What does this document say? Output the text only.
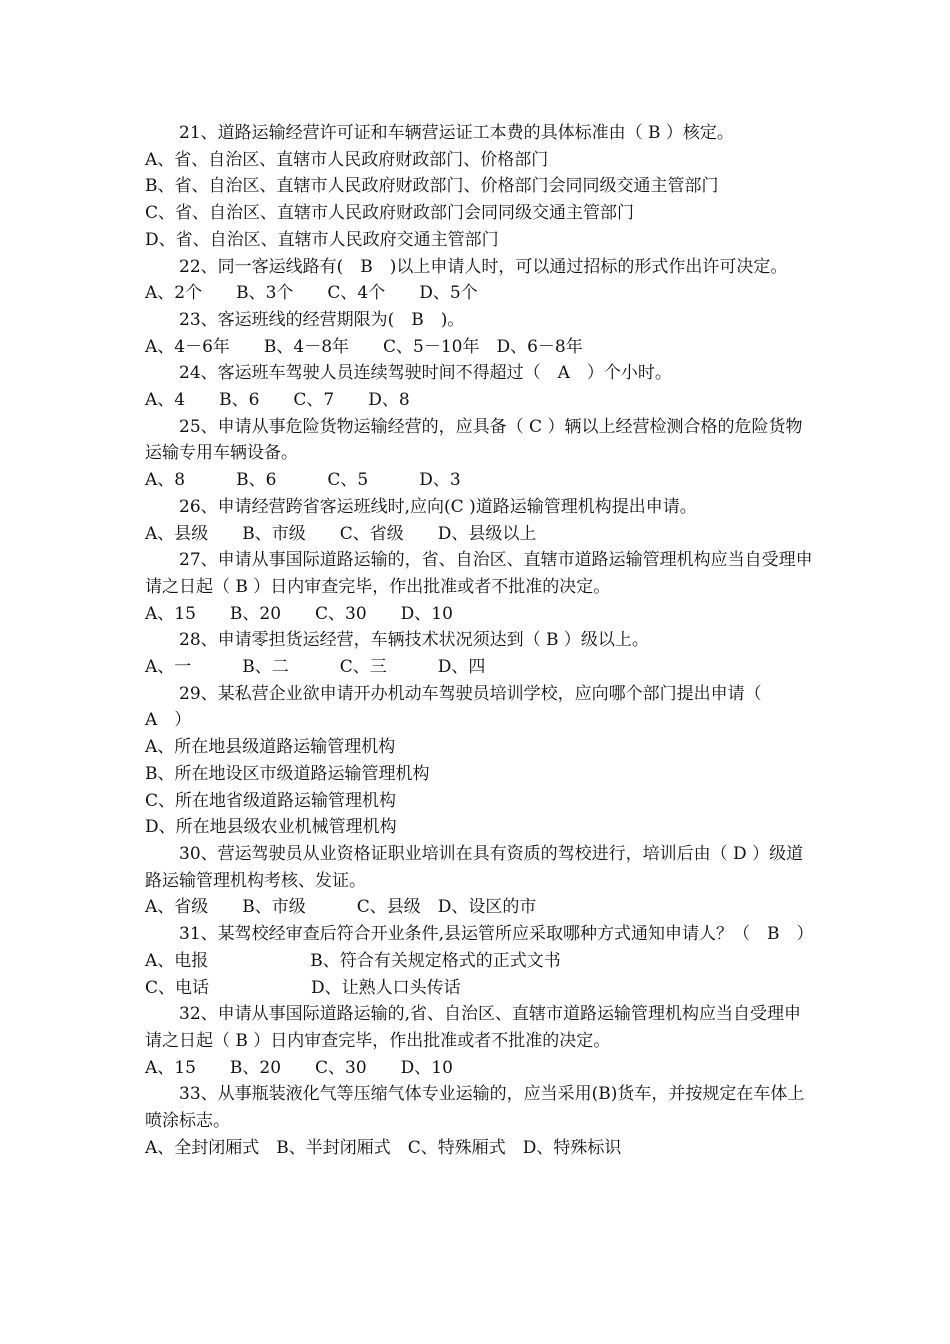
21、道路运输经营许可证和车辆营运证工本费的具体标准由（ B ）核定。

A、省、自治区、直辖市人民政府财政部门、价格部门

B、省、自治区、直辖市人民政府财政部门、价格部门会同同级交通主管部门

C、省、自治区、直辖市人民政府财政部门会同同级交通主管部门

D、省、自治区、直辖市人民政府交通主管部门

22、同一客运线路有(　B　)以上申请人时，可以通过招标的形式作出许可决定。

A、2个　　B、3个　　C、4个　　D、5个

23、客运班线的经营期限为(　B　)。

A、4－6年　　B、4－8年　　C、5－10年　D、6－8年

24、客运班车驾驶人员连续驾驶时间不得超过（　A　）个小时。

A、4　　B、6　　C、7　　D、8

25、申请从事危险货物运输经营的，应具备（ C ）辆以上经营检测合格的危险货物运输专用车辆设备。

A、8　　　B、6　　　C、5　　　D、3

26、申请经营跨省客运班线时,应向(C )道路运输管理机构提出申请。

A、县级　　B、市级　　C、省级　　D、县级以上

27、申请从事国际道路运输的，省、自治区、直辖市道路运输管理机构应当自受理申请之日起（ B ）日内审查完毕，作出批准或者不批准的决定。

A、15　　B、20　　C、30　　D、10

28、申请零担货运经营，车辆技术状况须达到（ B ）级以上。

A、一　　　B、二　　　C、三　　　D、四

29、某私营企业欲申请开办机动车驾驶员培训学校，应向哪个部门提出申请（　A　）

A、所在地县级道路运输管理机构

B、所在地设区市级道路运输管理机构

C、所在地省级道路运输管理机构

D、所在地县级农业机械管理机构

30、营运驾驶员从业资格证职业培训在具有资质的驾校进行，培训后由（ D ）级道路运输管理机构考核、发证。

A、省级　　B、市级　　　C、县级　D、设区的市

31、某驾校经审查后符合开业条件,县运管所应采取哪种方式通知申请人？（　B　）

A、电报　　　　　　B、符合有关规定格式的正式文书

C、电话　　　　　　D、让熟人口头传话

32、申请从事国际道路运输的,省、自治区、直辖市道路运输管理机构应当自受理申请之日起（ B ）日内审查完毕，作出批准或者不批准的决定。

A、15　　B、20　　C、30　　D、10

33、从事瓶装液化气等压缩气体专业运输的，应当采用(B)货车，并按规定在车体上喷涂标志。

A、全封闭厢式　B、半封闭厢式　C、特殊厢式　D、特殊标识
